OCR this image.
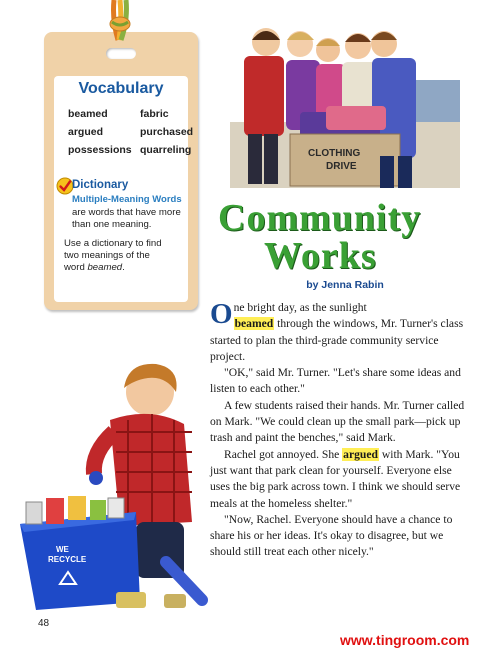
Vocabulary
beamed	fabric
argued	purchased
possessions quarreling
Dictionary
Multiple-Meaning Words
are words that have more
than one meaning.
Use a dictionary to find
two meanings of the
word beamed.
CLOTHING
DRIVE
Community
Works
by Jenna Rabin

One bright day, as the sunlight
beamed through the windows, Mr. Turner's class started to plan the third-grade community service project.

"OK," said Mr. Turner. "Let's share some ideas and listen to each other."

A few students raised their hands. Mr. Turner called on Mark. "We could clean up the small park—pick up trash and paint the benches," said Mark.

Rachel got annoyed. She argued with Mark. "You just want that park clean for yourself. Everyone else uses the big park across town. I think we should serve meals at the homeless shelter."

"Now, Rachel. Everyone should have a chance to share his or her ideas. It's okay to disagree, but we should still treat each other nicely."

WE
RECYCLE
48
www.tingroom.com
